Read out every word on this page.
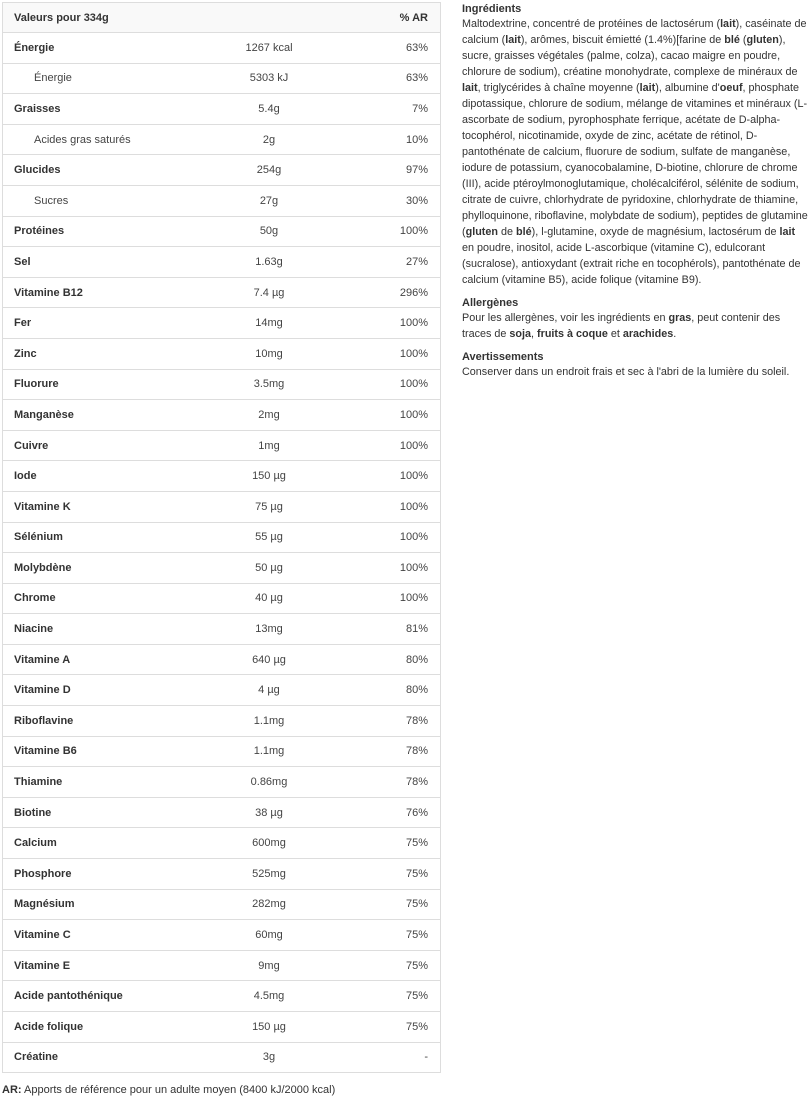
Valeurs pour 334g		% AR
Énergie	1267 kcal	63%
Énergie	5303 kJ	63%
Graisses	5.4g	7%
Acides gras saturés	2g	10%
Glucides	254g	97%
Sucres	27g	30%
Protéines	50g	100%
Sel	1.63g	27%
Vitamine B12	7.4 µg	296%
Fer	14mg	100%
Zinc	10mg	100%
Fluorure	3.5mg	100%
Manganèse	2mg	100%
Cuivre	1mg	100%
Iode	150 µg	100%
Vitamine K	75 µg	100%
Sélénium	55 µg	100%
Molybdène	50 µg	100%
Chrome	40 µg	100%
Niacine	13mg	81%
Vitamine A	640 µg	80%
Vitamine D	4 µg	80%
Riboflavine	1.1mg	78%
Vitamine B6	1.1mg	78%
Thiamine	0.86mg	78%
Biotine	38 µg	76%
Calcium	600mg	75%
Phosphore	525mg	75%
Magnésium	282mg	75%
Vitamine C	60mg	75%
Vitamine E	9mg	75%
Acide pantothénique	4.5mg	75%
Acide folique	150 µg	75%
Créatine	3g	-
AR: Apports de référence pour un adulte moyen (8400 kJ/2000 kcal)
Ingrédients

Maltodextrine, concentré de protéines de lactosérum (lait), caséinate de calcium (lait), arômes, biscuit émietté (1.4%)[farine de blé (gluten), sucre, graisses végétales (palme, colza), cacao maigre en poudre, chlorure de sodium), créatine monohydrate, complexe de minéraux de lait, triglycérides à chaîne moyenne (lait), albumine d'oeuf, phosphate dipotassique, chlorure de sodium, mélange de vitamines et minéraux (L-ascorbate de sodium, pyrophosphate ferrique, acétate de D-alpha-tocophérol, nicotinamide, oxyde de zinc, acétate de rétinol, D-pantothénate de calcium, fluorure de sodium, sulfate de manganèse, iodure de potassium, cyanocobalamine, D-biotine, chlorure de chrome (III), acide ptéroylmonoglutamique, cholécalciférol, sélénite de sodium, citrate de cuivre, chlorhydrate de pyridoxine, chlorhydrate de thiamine, phylloquinone, riboflavine, molybdate de sodium), peptides de glutamine (gluten de blé), l-glutamine, oxyde de magnésium, lactosérum de lait en poudre, inositol, acide L-ascorbique (vitamine C), edulcorant (sucralose), antioxydant (extrait riche en tocophérols), pantothénate de calcium (vitamine B5), acide folique (vitamine B9).

Allergènes

Pour les allergènes, voir les ingrédients en gras, peut contenir des traces de soja, fruits à coque et arachides.

Avertissements

Conserver dans un endroit frais et sec à l'abri de la lumière du soleil.
